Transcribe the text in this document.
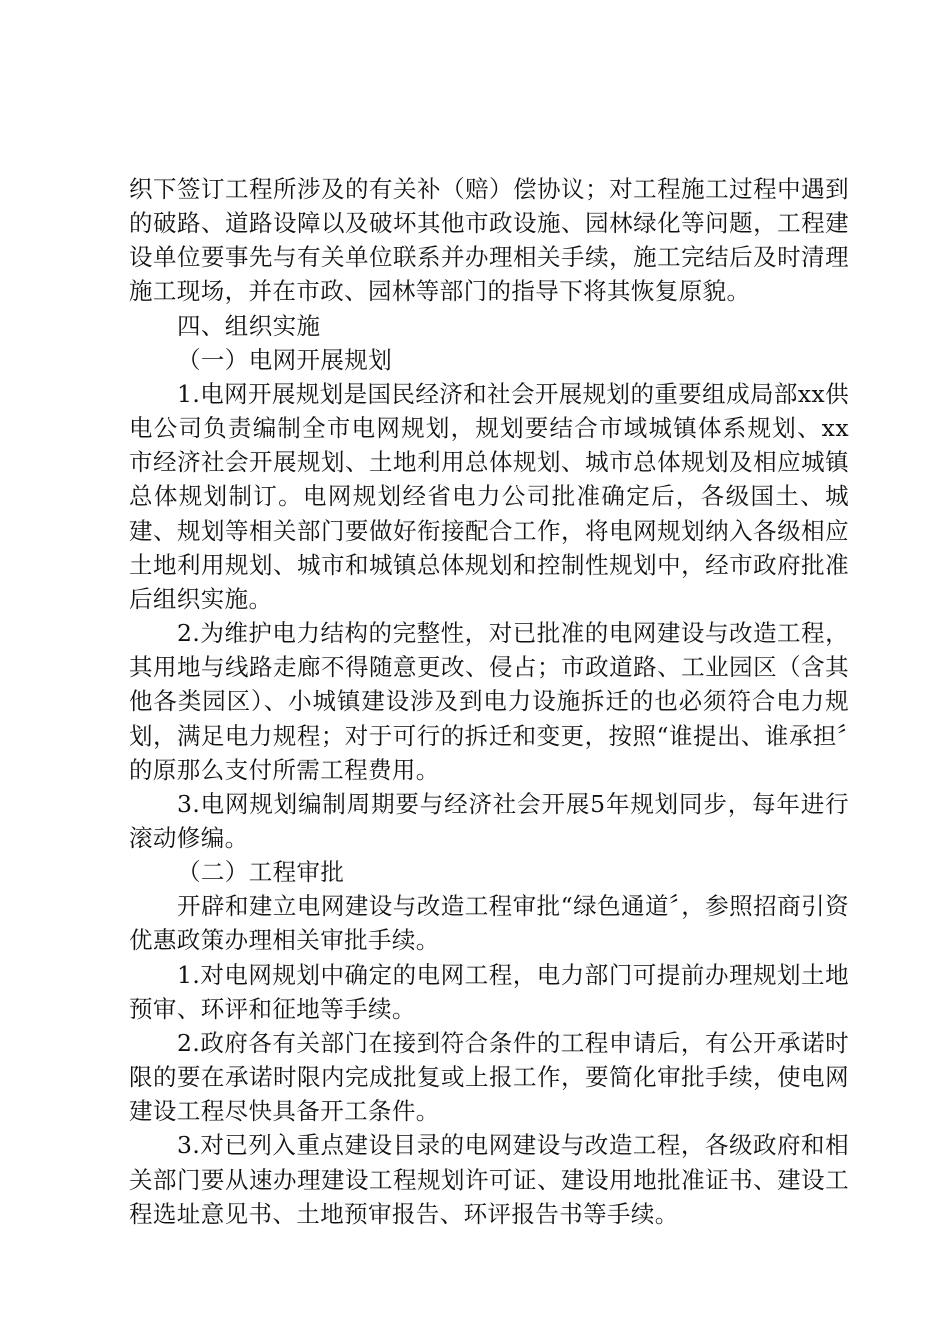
织下签订工程所涉及的有关补（赔）偿协议；对工程施工过程中遇到的破路、道路设障以及破坏其他市政设施、园林绿化等问题，工程建设单位要事先与有关单位联系并办理相关手续，施工完结后及时清理施工现场，并在市政、园林等部门的指导下将其恢复原貌。

四、组织实施

（一）电网开展规划

1.电网开展规划是国民经济和社会开展规划的重要组成局部xx供电公司负责编制全市电网规划，规划要结合市域城镇体系规划、xx市经济社会开展规划、土地利用总体规划、城市总体规划及相应城镇总体规划制订。电网规划经省电力公司批准确定后，各级国土、城建、规划等相关部门要做好衔接配合工作，将电网规划纳入各级相应土地利用规划、城市和城镇总体规划和控制性规划中，经市政府批准后组织实施。

2.为维护电力结构的完整性，对已批准的电网建设与改造工程，其用地与线路走廊不得随意更改、侵占；市政道路、工业园区（含其他各类园区）、小城镇建设涉及到电力设施拆迁的也必须符合电力规划，满足电力规程；对于可行的拆迁和变更，按照“谁提出、谁承担〞的原那么支付所需工程费用。

3.电网规划编制周期要与经济社会开展5年规划同步，每年进行滚动修编。

（二）工程审批

开辟和建立电网建设与改造工程审批“绿色通道〞，参照招商引资优惠政策办理相关审批手续。

1.对电网规划中确定的电网工程，电力部门可提前办理规划土地预审、环评和征地等手续。

2.政府各有关部门在接到符合条件的工程申请后，有公开承诺时限的要在承诺时限内完成批复或上报工作，要简化审批手续，使电网建设工程尽快具备开工条件。

3.对已列入重点建设目录的电网建设与改造工程，各级政府和相关部门要从速办理建设工程规划许可证、建设用地批准证书、建设工程选址意见书、土地预审报告、环评报告书等手续。
